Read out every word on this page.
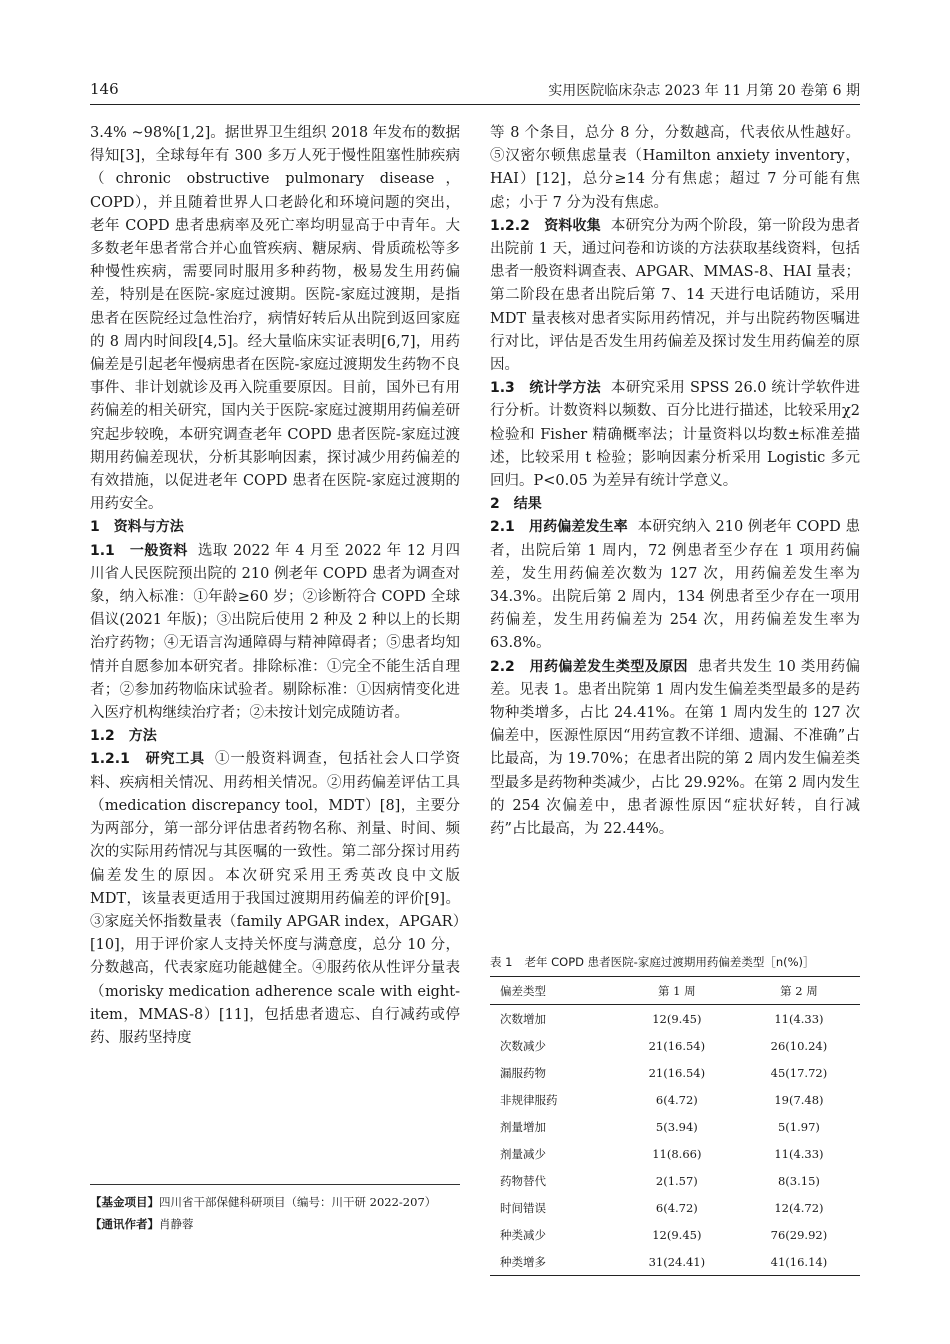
146	实用医院临床杂志 2023 年 11 月第 20 卷第 6 期

3.4% ~98%[1,2]。据世界卫生组织 2018 年发布的数据得知[3]，全球每年有 300 多万人死于慢性阻塞性肺疾病（chronic obstructive pulmonary disease，COPD），并且随着世界人口老龄化和环境问题的突出，老年 COPD 患者患病率及死亡率均明显高于中青年。大多数老年患者常合并心血管疾病、糖尿病、骨质疏松等多种慢性疾病，需要同时服用多种药物，极易发生用药偏差，特别是在医院-家庭过渡期。医院-家庭过渡期，是指患者在医院经过急性治疗，病情好转后从出院到返回家庭的 8 周内时间段[4,5]。经大量临床实证表明[6,7]，用药偏差是引起老年慢病患者在医院-家庭过渡期发生药物不良事件、非计划就诊及再入院重要原因。目前，国外已有用药偏差的相关研究，国内关于医院-家庭过渡期用药偏差研究起步较晚，本研究调查老年 COPD 患者医院-家庭过渡期用药偏差现状，分析其影响因素，探讨减少用药偏差的有效措施，以促进老年 COPD 患者在医院-家庭过渡期的用药安全。

1　资料与方法

1.1　一般资料 选取 2022 年 4 月至 2022 年 12 月四川省人民医院预出院的 210 例老年 COPD 患者为调查对象，纳入标准：①年龄≥60 岁；②诊断符合 COPD 全球倡议(2021 年版)；③出院后使用 2 种及 2 种以上的长期治疗药物；④无语言沟通障碍与精神障碍者；⑤患者均知情并自愿参加本研究者。排除标准：①完全不能生活自理者；②参加药物临床试验者。剔除标准：①因病情变化进入医疗机构继续治疗者；②未按计划完成随访者。

1.2　方法

1.2.1　研究工具 ①一般资料调查，包括社会人口学资料、疾病相关情况、用药相关情况。②用药偏差评估工具（medication discrepancy tool，MDT）[8]，主要分为两部分，第一部分评估患者药物名称、剂量、时间、频次的实际用药情况与其医嘱的一致性。第二部分探讨用药偏差发生的原因。本次研究采用王秀英改良中文版 MDT，该量表更适用于我国过渡期用药偏差的评价[9]。③家庭关怀指数量表（family APGAR index，APGAR）[10]，用于评价家人支持关怀度与满意度，总分 10 分，分数越高，代表家庭功能越健全。④服药依从性评分量表（morisky medication adherence scale with eight-item，MMAS-8）[11]，包括患者遗忘、自行减药或停药、服药坚持度

【基金项目】四川省干部保健科研项目（编号：川干研 2022-207）
【通讯作者】肖静蓉

等 8 个条目，总分 8 分，分数越高，代表依从性越好。⑤汉密尔顿焦虑量表（Hamilton anxiety inventory，HAI）[12]，总分≥14 分有焦虑；超过 7 分可能有焦虑；小于 7 分为没有焦虑。

1.2.2　资料收集 本研究分为两个阶段，第一阶段为患者出院前 1 天，通过问卷和访谈的方法获取基线资料，包括患者一般资料调查表、APGAR、MMAS-8、HAI 量表；第二阶段在患者出院后第 7、14 天进行电话随访，采用 MDT 量表核对患者实际用药情况，并与出院药物医嘱进行对比，评估是否发生用药偏差及探讨发生用药偏差的原因。

1.3　统计学方法 本研究采用 SPSS 26.0 统计学软件进行分析。计数资料以频数、百分比进行描述，比较采用χ2 检验和 Fisher 精确概率法；计量资料以均数±标准差描述，比较采用 t 检验；影响因素分析采用 Logistic 多元回归。P<0.05 为差异有统计学意义。

2　结果

2.1　用药偏差发生率 本研究纳入 210 例老年 COPD 患者，出院后第 1 周内，72 例患者至少存在 1 项用药偏差，发生用药偏差次数为 127 次，用药偏差发生率为 34.3%。出院后第 2 周内，134 例患者至少存在一项用药偏差，发生用药偏差为 254 次，用药偏差发生率为 63.8%。

2.2　用药偏差发生类型及原因 患者共发生 10 类用药偏差。见表 1。患者出院第 1 周内发生偏差类型最多的是药物种类增多，占比 24.41%。在第 1 周内发生的 127 次偏差中，医源性原因“用药宣教不详细、遗漏、不准确”占比最高，为 19.70%；在患者出院的第 2 周内发生偏差类型最多是药物种类减少，占比 29.92%。在第 2 周内发生的 254 次偏差中，患者源性原因“症状好转，自行减药”占比最高，为 22.44%。

表 1 老年 COPD 患者医院-家庭过渡期用药偏差类型［n(%)］
偏差类型	第 1 周	第 2 周
次数增加	12(9.45)	11(4.33)
次数减少	21(16.54)	26(10.24)
漏服药物	21(16.54)	45(17.72)
非规律服药	6(4.72)	19(7.48)
剂量增加	5(3.94)	5(1.97)
剂量减少	11(8.66)	11(4.33)
药物替代	2(1.57)	8(3.15)
时间错误	6(4.72)	12(4.72)
种类减少	12(9.45)	76(29.92)
种类增多	31(24.41)	41(16.14)
